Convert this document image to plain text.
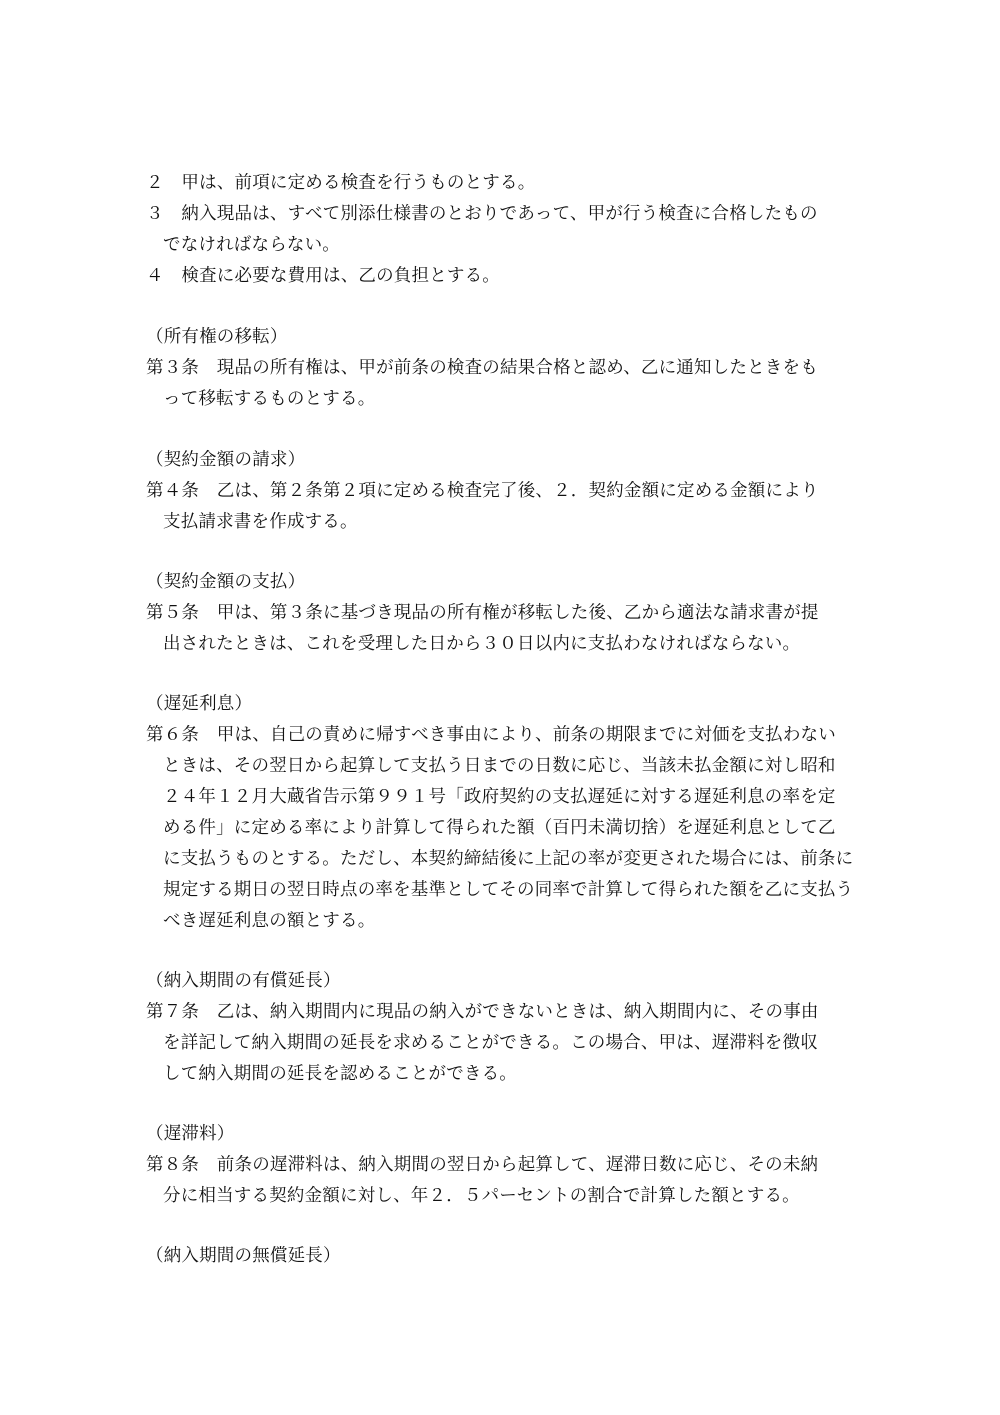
２　甲は、前項に定める検査を行うものとする。
３　納入現品は、すべて別添仕様書のとおりであって、甲が行う検査に合格したもの
でなければならない。
４　検査に必要な費用は、乙の負担とする。
（所有権の移転）
第３条　現品の所有権は、甲が前条の検査の結果合格と認め、乙に通知したときをも
って移転するものとする。
（契約金額の請求）
第４条　乙は、第２条第２項に定める検査完了後、２．契約金額に定める金額により
支払請求書を作成する。
（契約金額の支払）
第５条　甲は、第３条に基づき現品の所有権が移転した後、乙から適法な請求書が提
出されたときは、これを受理した日から３０日以内に支払わなければならない。
（遅延利息）
第６条　甲は、自己の責めに帰すべき事由により、前条の期限までに対価を支払わない
ときは、その翌日から起算して支払う日までの日数に応じ、当該未払金額に対し昭和
２４年１２月大蔵省告示第９９１号「政府契約の支払遅延に対する遅延利息の率を定
める件」に定める率により計算して得られた額（百円未満切捨）を遅延利息として乙
に支払うものとする。ただし、本契約締結後に上記の率が変更された場合には、前条に
規定する期日の翌日時点の率を基準としてその同率で計算して得られた額を乙に支払う
べき遅延利息の額とする。
（納入期間の有償延長）
第７条　乙は、納入期間内に現品の納入ができないときは、納入期間内に、その事由
を詳記して納入期間の延長を求めることができる。この場合、甲は、遅滞料を徴収
して納入期間の延長を認めることができる。
（遅滞料）
第８条　前条の遅滞料は、納入期間の翌日から起算して、遅滞日数に応じ、その未納
分に相当する契約金額に対し、年２．５パーセントの割合で計算した額とする。
（納入期間の無償延長）
